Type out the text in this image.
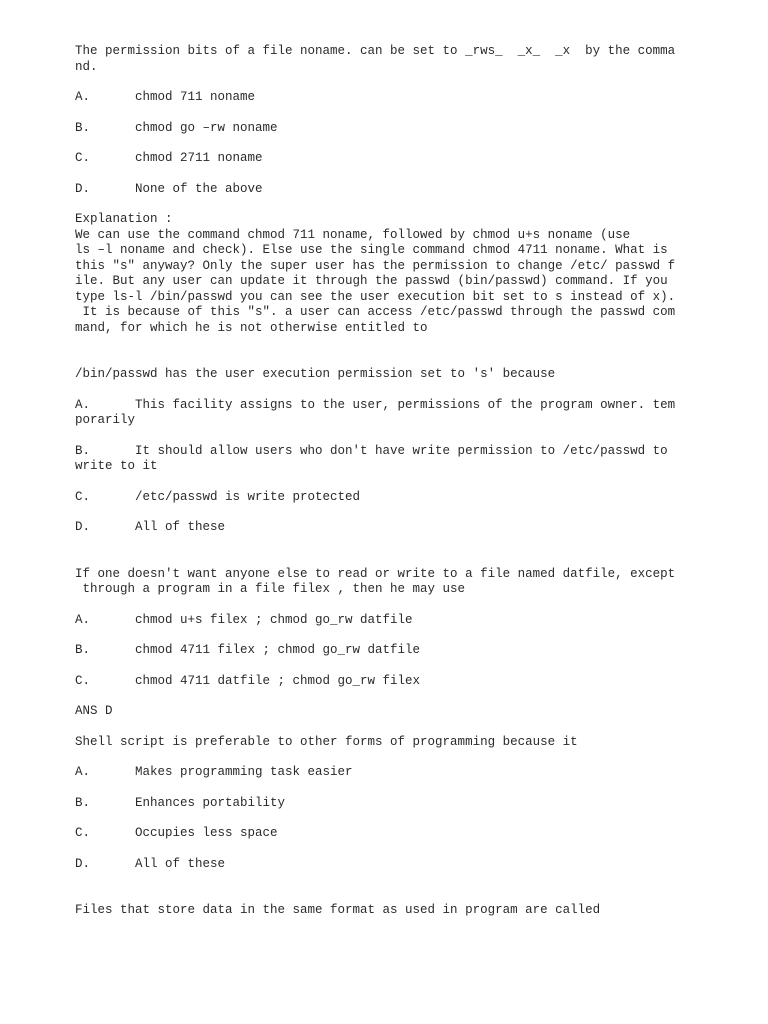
The permission bits of a file noname. can be set to _rws_  _x_  _x  by the comma

nd.

A.	chmod 711 noname
B.	chmod go –rw noname
C.	chmod 2711 noname
D.	None of the above

Explanation :

We can use the command chmod 711 noname, followed by chmod u+s noname (use

ls –l noname and check). Else use the single command chmod 4711 noname. What is

this "s" anyway? Only the super user has the permission to change /etc/ passwd f

ile. But any user can update it through the passwd (bin/passwd) command. If you

type ls-l /bin/passwd you can see the user execution bit set to s instead of x).

It is because of this "s". a user can access /etc/passwd through the passwd com

mand, for which he is not otherwise entitled to

/bin/passwd has the user execution permission set to 's' because

A.      This facility assigns to the user, permissions of the program owner. tem

porarily

B.      It should allow users who don't have write permission to /etc/passwd to

write to it

C.	/etc/passwd is write protected
D.	All of these

If one doesn't want anyone else to read or write to a file named datfile, except

through a program in a file filex , then he may use

A.	chmod u+s filex ; chmod go_rw datfile
B.	chmod 4711 filex ; chmod go_rw datfile
C.	chmod 4711 datfile ; chmod go_rw filex

ANS D

Shell script is preferable to other forms of programming because it

A.	Makes programming task easier
B.	Enhances portability
C.	Occupies less space
D.	All of these

Files that store data in the same format as used in program are called
